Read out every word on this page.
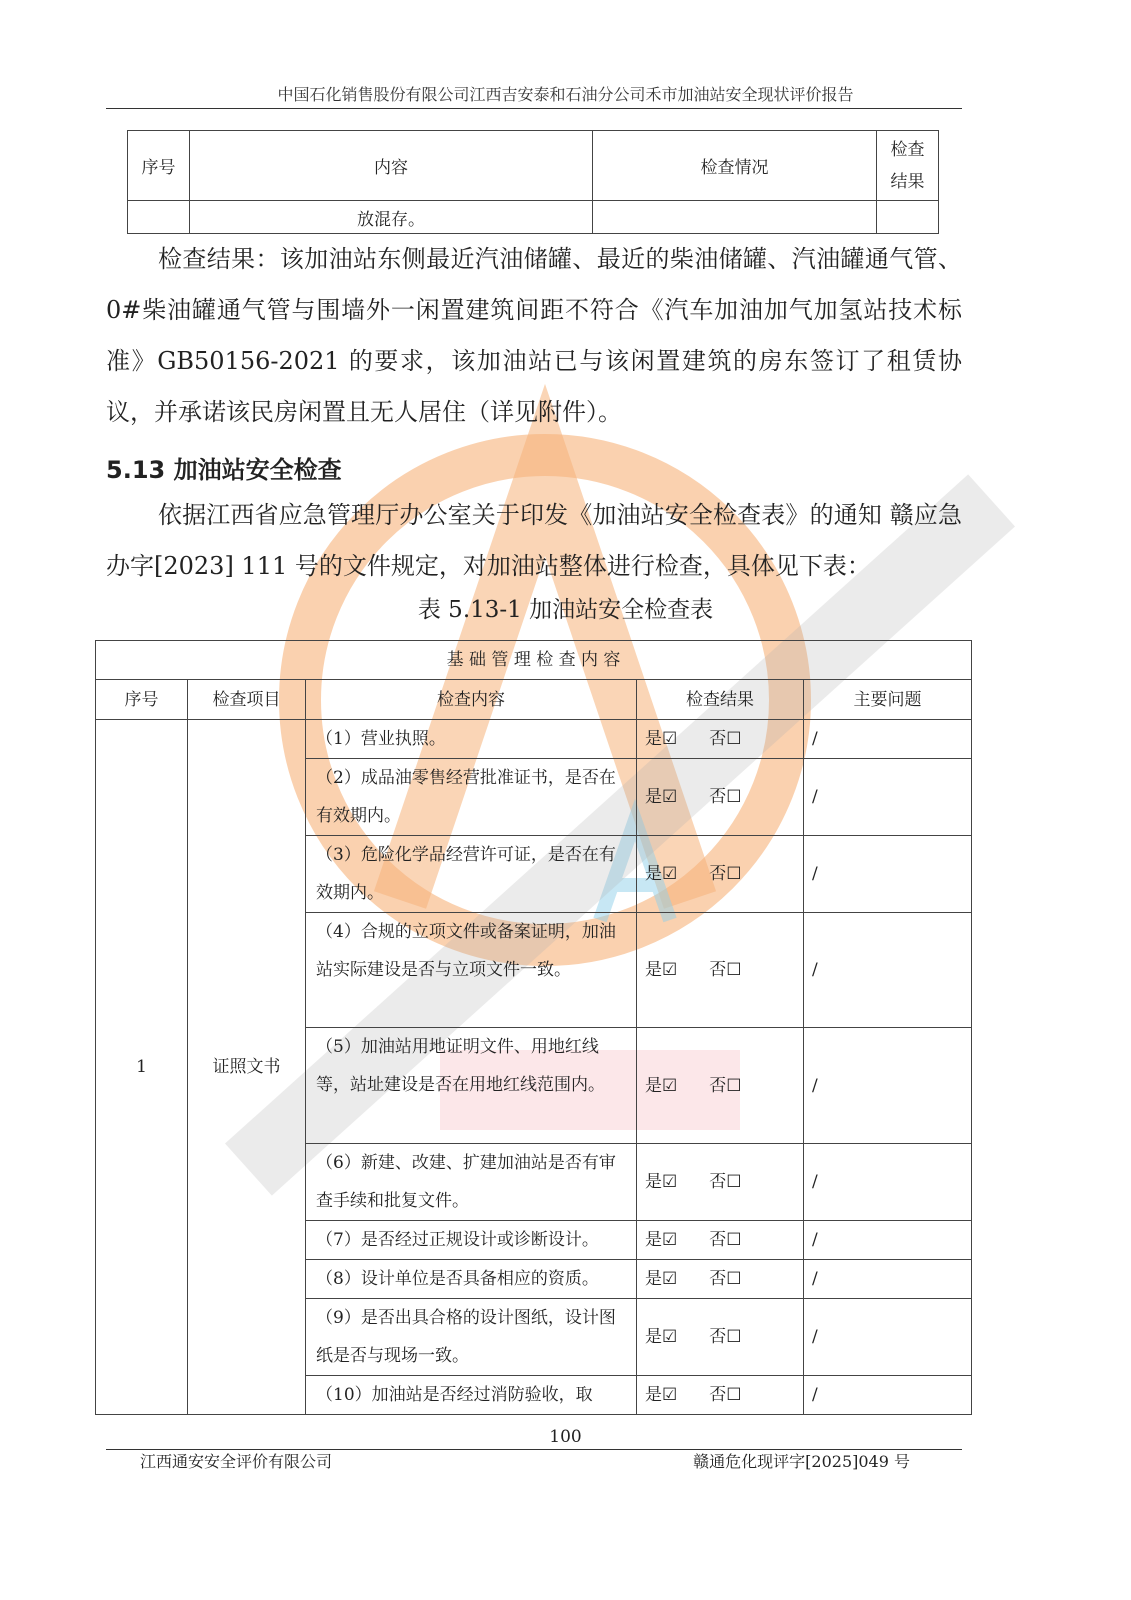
中国石化销售股份有限公司江西吉安泰和石油分公司禾市加油站安全现状评价报告
序号	内容	检查情况	检查
结果
	放混存。		

检查结果：该加油站东侧最近汽油储罐、最近的柴油储罐、汽油罐通气管、0#柴油罐通气管与围墙外一闲置建筑间距不符合《汽车加油加气加氢站技术标准》GB50156-2021 的要求，该加油站已与该闲置建筑的房东签订了租赁协议，并承诺该民房闲置且无人居住（详见附件）。

5.13 加油站安全检查

依据江西省应急管理厅办公室关于印发《加油站安全检查表》的通知 赣应急办字[2023] 111 号的文件规定，对加油站整体进行检查，具体见下表：

表 5.13-1 加油站安全检查表
基 础 管 理 检 查 内 容				
序号	检查项目	检查内容	检查结果	主要问题
1	证照文书	（1）营业执照。	是☑ 否☐	/
		（2）成品油零售经营批准证书，是否在有效期内。	是☑ 否☐	/
		（3）危险化学品经营许可证，是否在有效期内。	是☑ 否☐	/
		（4）合规的立项文件或备案证明，加油站实际建设是否与立项文件一致。	是☑ 否☐	/
		（5）加油站用地证明文件、用地红线等，站址建设是否在用地红线范围内。	是☑ 否☐	/
		（6）新建、改建、扩建加油站是否有审查手续和批复文件。	是☑ 否☐	/
		（7）是否经过正规设计或诊断设计。	是☑ 否☐	/
		（8）设计单位是否具备相应的资质。	是☑ 否☐	/
		（9）是否出具合格的设计图纸，设计图纸是否与现场一致。	是☑ 否☐	/
		（10）加油站是否经过消防验收，取	是☑ 否☐	/
100
江西通安安全评价有限公司	赣通危化现评字[2025]049 号
